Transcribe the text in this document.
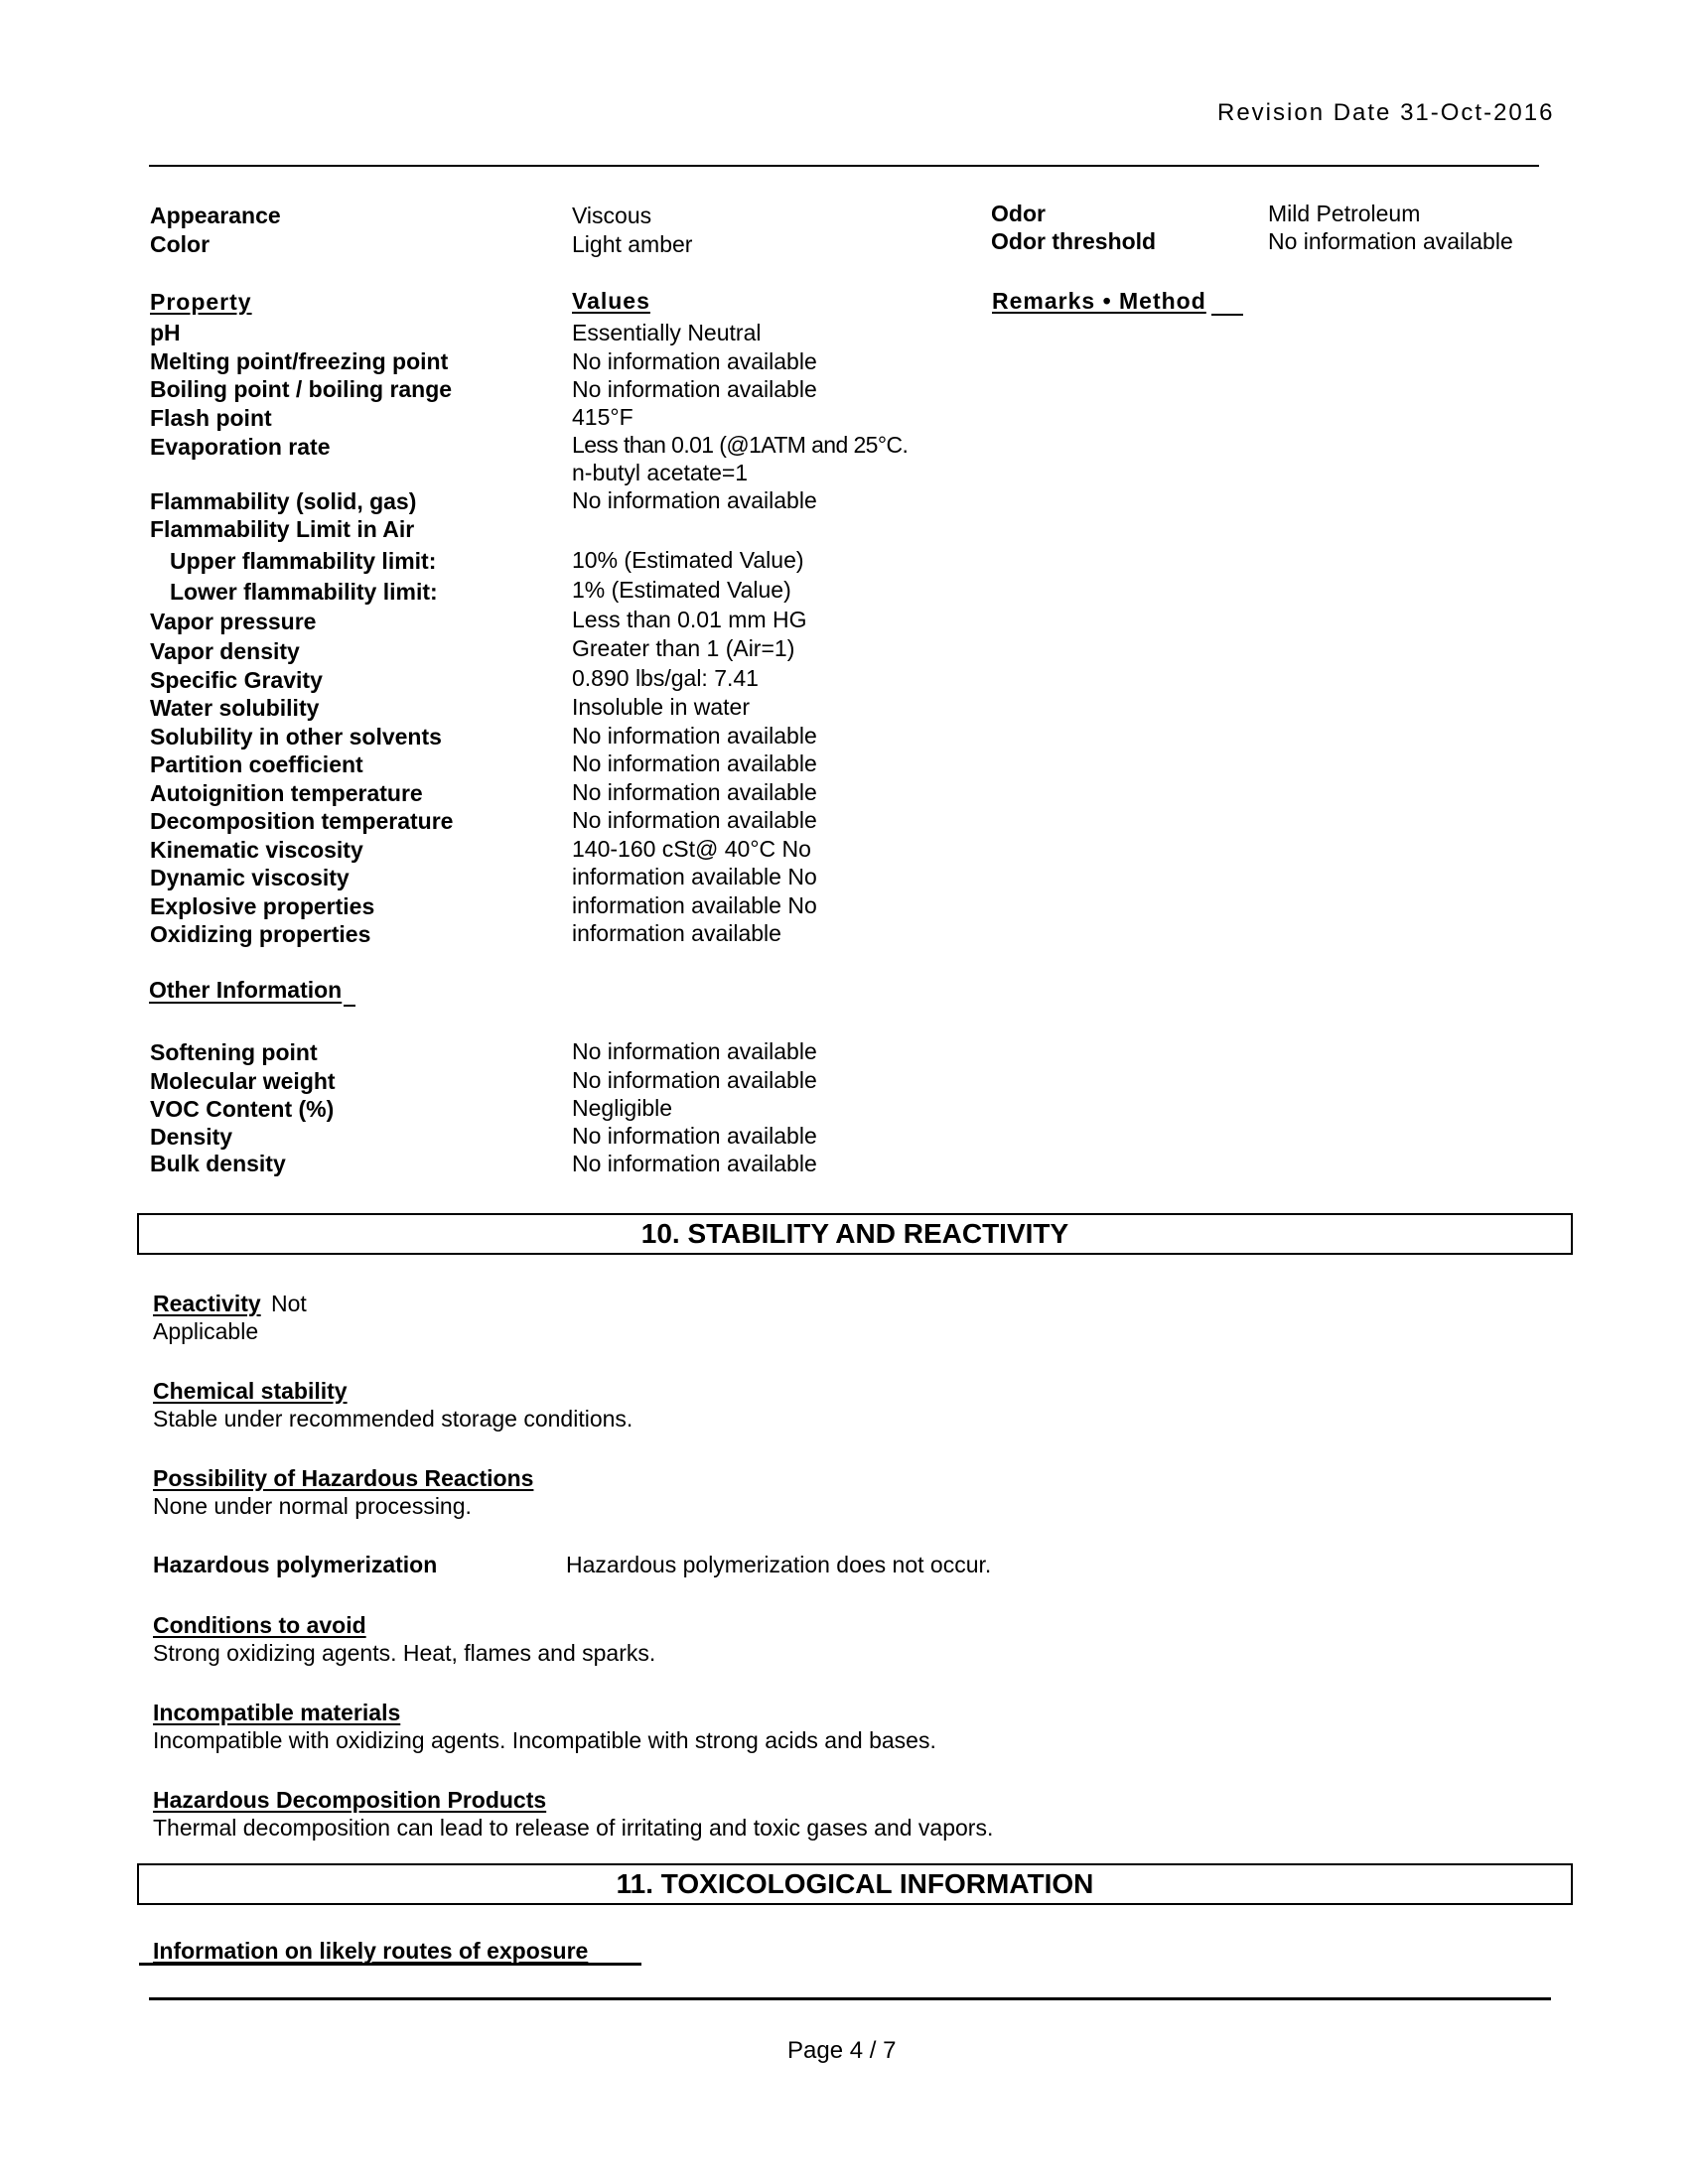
Revision Date 31-Oct-2016
Appearance	Viscous
Color	Light amber
Odor	Mild Petroleum
Odor threshold	No information available
Property	Values	Remarks • Method
pH	Essentially Neutral
Melting point/freezing point	No information available
Boiling point / boiling range	No information available
Flash point	415°F
Evaporation rate	Less than 0.01 (@1ATM and 25°C.
n-butyl acetate=1
Flammability (solid, gas)	No information available
Flammability Limit in Air
Upper flammability limit:	10% (Estimated Value)
Lower flammability limit:	1% (Estimated Value)
Vapor pressure	Less than 0.01 mm HG
Vapor density	Greater than 1 (Air=1)
Specific Gravity	0.890 lbs/gal: 7.41
Water solubility	Insoluble in water
Solubility in other solvents	No information available
Partition coefficient	No information available
Autoignition temperature	No information available
Decomposition temperature	No information available
Kinematic viscosity	140-160 cSt@ 40°C No
Dynamic viscosity	information available No
Explosive properties	information available No
Oxidizing properties	information available
Other Information
Softening point	No information available
Molecular weight	No information available
VOC Content (%)	Negligible
Density	No information available
Bulk density	No information available
10. STABILITY AND REACTIVITY
Reactivity Not
Applicable
Chemical stability
Stable under recommended storage conditions.
Possibility of Hazardous Reactions
None under normal processing.
Hazardous polymerization	Hazardous polymerization does not occur.
Conditions to avoid
Strong oxidizing agents. Heat, flames and sparks.
Incompatible materials
Incompatible with oxidizing agents. Incompatible with strong acids and bases.
Hazardous Decomposition Products
Thermal decomposition can lead to release of irritating and toxic gases and vapors.
11. TOXICOLOGICAL INFORMATION
Information on likely routes of exposure
Page 4 / 7
